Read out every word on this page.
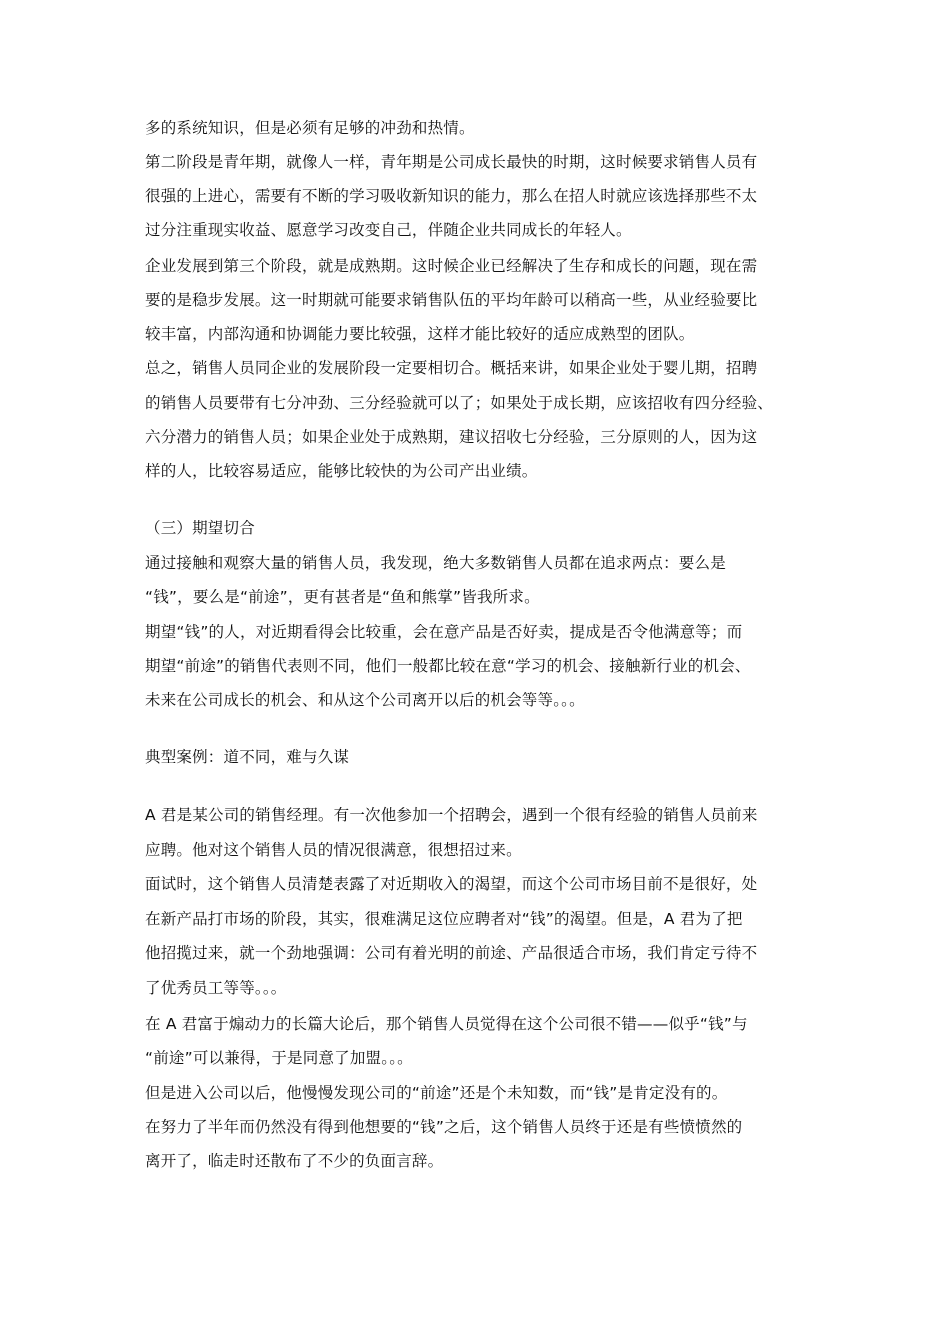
多的系统知识，但是必须有足够的冲劲和热情。
第二阶段是青年期，就像人一样，青年期是公司成长最快的时期，这时候要求销售人员有
很强的上进心，需要有不断的学习吸收新知识的能力，那么在招人时就应该选择那些不太
过分注重现实收益、愿意学习改变自己，伴随企业共同成长的年轻人。
企业发展到第三个阶段，就是成熟期。这时候企业已经解决了生存和成长的问题，现在需
要的是稳步发展。这一时期就可能要求销售队伍的平均年龄可以稍高一些，从业经验要比
较丰富，内部沟通和协调能力要比较强，这样才能比较好的适应成熟型的团队。
总之，销售人员同企业的发展阶段一定要相切合。概括来讲，如果企业处于婴儿期，招聘
的销售人员要带有七分冲劲、三分经验就可以了；如果处于成长期，应该招收有四分经验、
六分潜力的销售人员；如果企业处于成熟期，建议招收七分经验，三分原则的人，因为这
样的人，比较容易适应，能够比较快的为公司产出业绩。
（三）期望切合
通过接触和观察大量的销售人员，我发现，绝大多数销售人员都在追求两点：要么是
“钱”，要么是“前途”，更有甚者是“鱼和熊掌”皆我所求。
期望“钱”的人，对近期看得会比较重，会在意产品是否好卖，提成是否令他满意等；而
期望“前途”的销售代表则不同，他们一般都比较在意“学习的机会、接触新行业的机会、
未来在公司成长的机会、和从这个公司离开以后的机会等等。。。
典型案例：道不同，难与久谋
A 君是某公司的销售经理。有一次他参加一个招聘会，遇到一个很有经验的销售人员前来
应聘。他对这个销售人员的情况很满意，很想招过来。
面试时，这个销售人员清楚表露了对近期收入的渴望，而这个公司市场目前不是很好，处
在新产品打市场的阶段，其实，很难满足这位应聘者对“钱”的渴望。但是，A 君为了把
他招揽过来，就一个劲地强调：公司有着光明的前途、产品很适合市场，我们肯定亏待不
了优秀员工等等。。。
在 A 君富于煽动力的长篇大论后，那个销售人员觉得在这个公司很不错——似乎“钱”与
“前途”可以兼得，于是同意了加盟。。。
但是进入公司以后，他慢慢发现公司的“前途”还是个未知数，而“钱”是肯定没有的。
在努力了半年而仍然没有得到他想要的“钱”之后，这个销售人员终于还是有些愤愤然的
离开了，临走时还散布了不少的负面言辞。
